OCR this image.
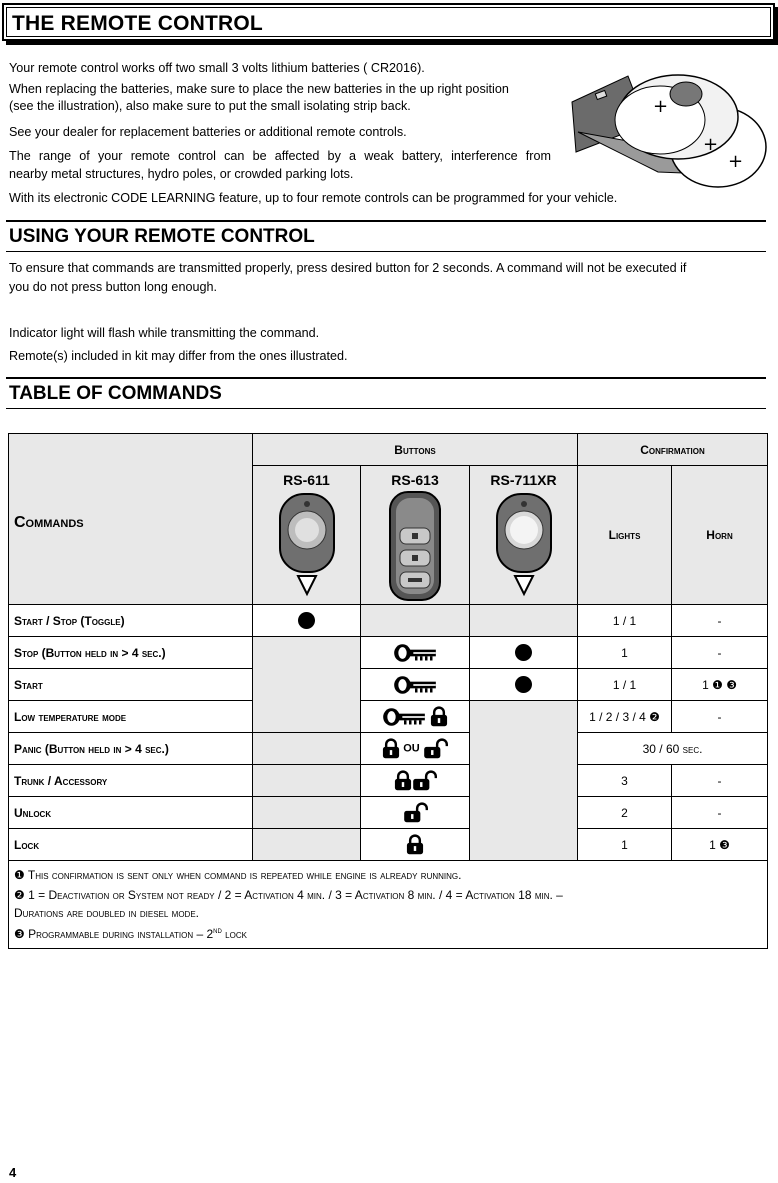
THE REMOTE CONTROL
Your remote control works off two small 3 volts lithium batteries ( CR2016).
When replacing the batteries, make sure to place the new batteries in the up right position
(see the illustration), also make sure to put the small isolating strip back.
See your dealer for replacement batteries or additional remote controls.
The range of your remote control can be affected by a weak battery, interference from
nearby metal structures, hydro poles, or crowded parking lots.
With its electronic CODE LEARNING feature, up to four remote controls can be programmed for your vehicle.
+
+
+
USING YOUR REMOTE CONTROL
To ensure that commands are transmitted properly, press desired button for 2 seconds. A command will not be executed if
you do not press button long enough.
Indicator light will flash while transmitting the command.
Remote(s) included in kit may differ from the ones illustrated.
TABLE OF COMMANDS
Commands	Buttons			Confirmation	

	RS-611	RS-613	RS-711XR	Lights	Horn
Start / Stop (Toggle)				1 / 1	-
Stop (Button held in > 4 sec.)				1	-
Start				1 / 1	1 ❶ ❸
Low temperature mode				1 / 2 / 3 / 4 ❷	-
Panic (Button held in > 4 sec.)		OU		30 / 60 sec.	
Trunk / Accessory				3	-
Unlock				2	-
Lock				1	1 ❸

❶ This confirmation is sent only when command is repeated while engine is already running.
❷ 1 = Deactivation or System not ready / 2 = Activation 4 min. / 3 = Activation 8 min. / 4 = Activation 18 min. –
Durations are doubled in diesel mode.
❸ Programmable during installation – 2nd lock					
4
